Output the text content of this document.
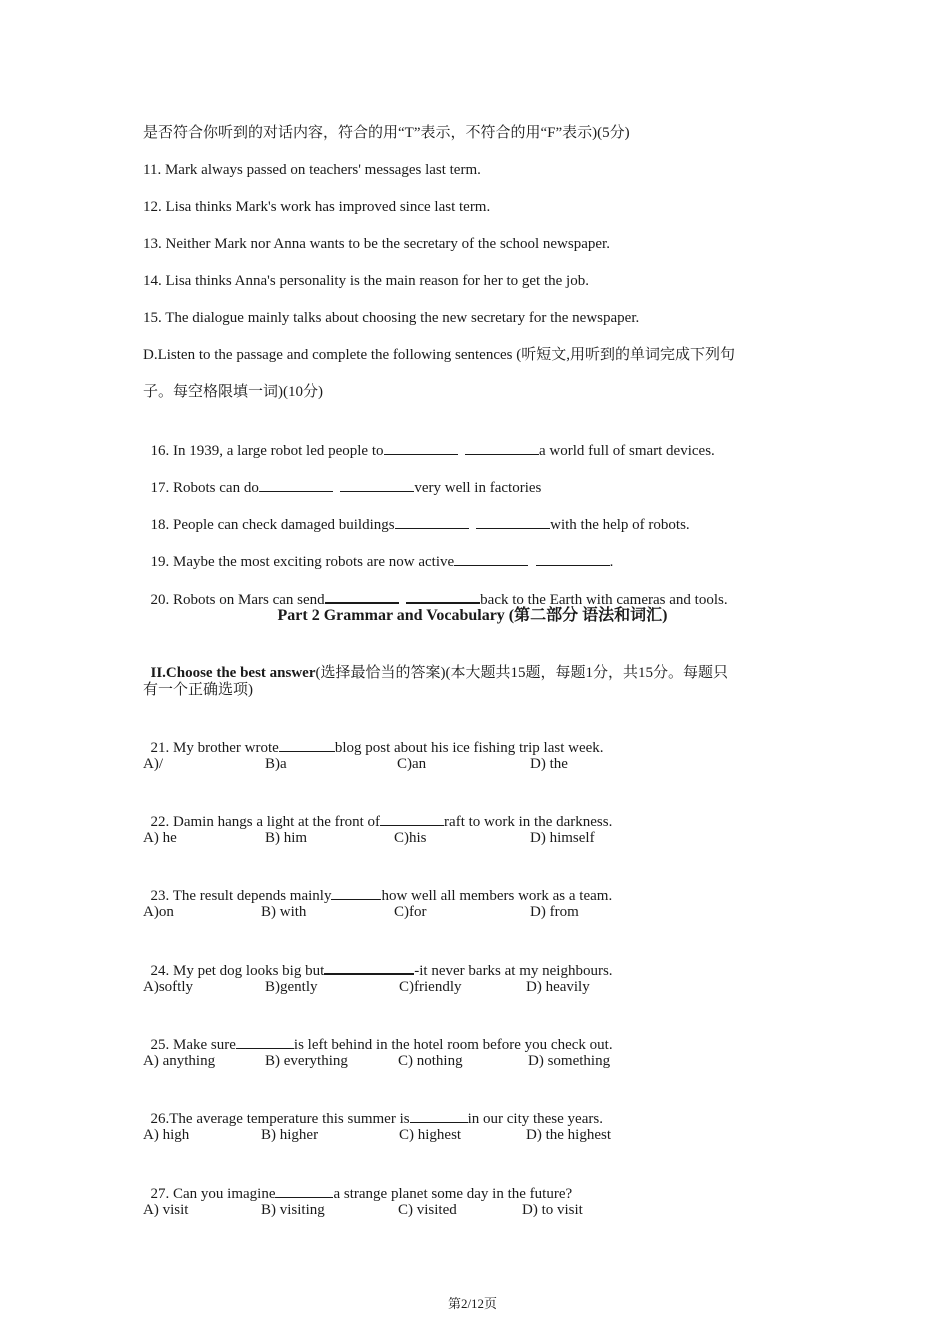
是否符合你听到的对话内容，符合的用“T”表示，不符合的用“F”表示)(5分)
11. Mark always passed on teachers' messages last term.
12. Lisa thinks Mark's work has improved since last term.
13. Neither Mark nor Anna wants to be the secretary of the school newspaper.
14. Lisa thinks Anna's personality is the main reason for her to get the job.
15. The dialogue mainly talks about choosing the new secretary for the newspaper.
D.Listen to the passage and complete the following sentences (听短文,用听到的单词完成下列句
子。每空格限填一词)(10分)

16. In 1939, a large robot led people to	a world full of smart devices.

17. Robots can do	very well in factories

18. People can check damaged buildings	with the help of robots.

19. Maybe the most exciting robots are now active	.

20. Robots on Mars can send	back to the Earth with cameras and tools.

Part 2 Grammar and Vocabulary (第二部分 语法和词汇)

II.Choose the best answer(选择最恰当的答案)(本大题共15题，每题1分，共15分。每题只

有一个正确选项)

21. My brother wrote	blog post about his ice fishing trip last week.

A)/	B)a	C)an	D) the

22. Damin hangs a light at the front of	raft to work in the darkness.

A) he	B) him	C)his	D) himself

23. The result depends mainly	how well all members work as a team.

A)on	B) with	C)for	D) from

24. My pet dog looks big but	-it never barks at my neighbours.

A)softly	B)gently	C)friendly	D) heavily

25. Make sure	is left behind in the hotel room before you check out.

A) anything	B) everything	C) nothing	D) something

26.The average temperature this summer is	in our city these years.

A) high	B) higher	C) highest	D) the highest

27. Can you imagine	a strange planet some day in the future?

A) visit	B) visiting	C) visited	D) to visit
第2/12页
